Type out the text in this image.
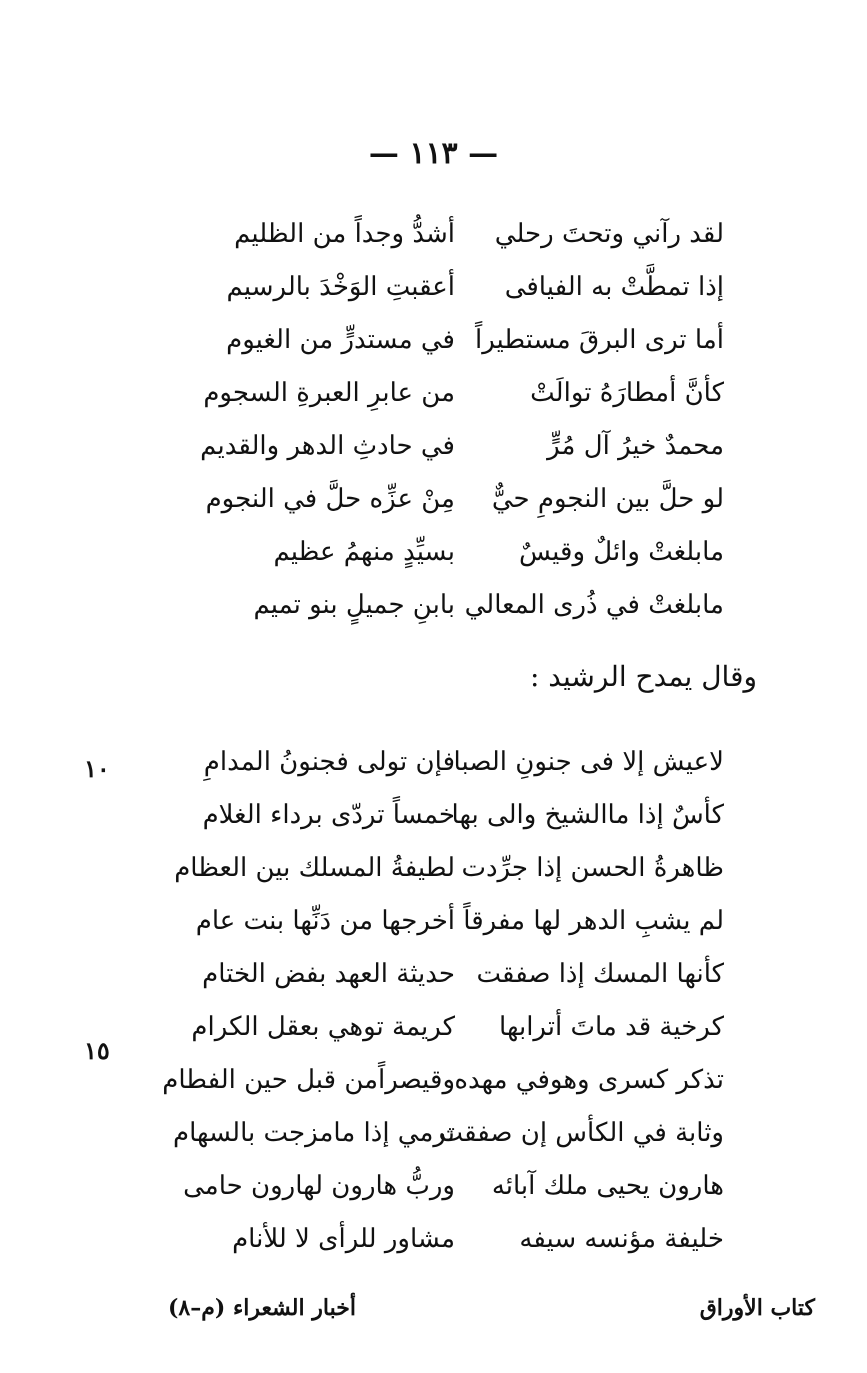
— ١١٣ —
لقد رآني وتحتَ رحلي
أشدُّ وجداً من الظليم
إذا تمطَّتْ به الفيافى
أعقبتِ الوَخْدَ بالرسيم
أما ترى البرقَ مستطيراً
في مستدرٍّ من الغيوم
كأنَّ أمطارَهُ توالَتْ
من عابرِ العبرةِ السجوم
محمدٌ خيرُ آل مُرٍّ
في حادثِ الدهر والقديم
لو حلَّ بين النجومِ حيٌّ
مِنْ عزِّه حلَّ في النجوم
مابلغتْ وائلٌ وقيسٌ
بسيِّدٍ منهمُ عظيم
مابلغتْ في ذُرى المعالي
بابنِ جميلٍ بنو تميم
وقال يمدح الرشيد :
١٠
١٥
لاعيش إلا فى جنونِ الصبا
فإن تولى فجنونُ المدامِ
كأسٌ إذا ماالشيخ والى بها
خمساً تردّى برداء الغلام
ظاهرةُ الحسن إذا جرِّدت
لطيفةُ المسلك بين العظام
لم يشبِ الدهر لها مفرقاً
أخرجها من دَنِّها بنت عام
كأنها المسك إذا صفقت
حديثة العهد بفض الختام
كرخية قد ماتَ أترابها
كريمة توهي بعقل الكرام
تذكر كسرى وهوفي مهده
وقيصراًمن قبل حين الفطام
وثابة في الكأس إن صفقت
ترمي إذا مامزجت بالسهام
هارون يحيى ملك آبائه
وربُّ هارون لهارون حامى
خليفة مؤنسه سيفه
مشاور للرأى لا للأنام
كتاب الأوراق
أخبار الشعراء (م–٨)
